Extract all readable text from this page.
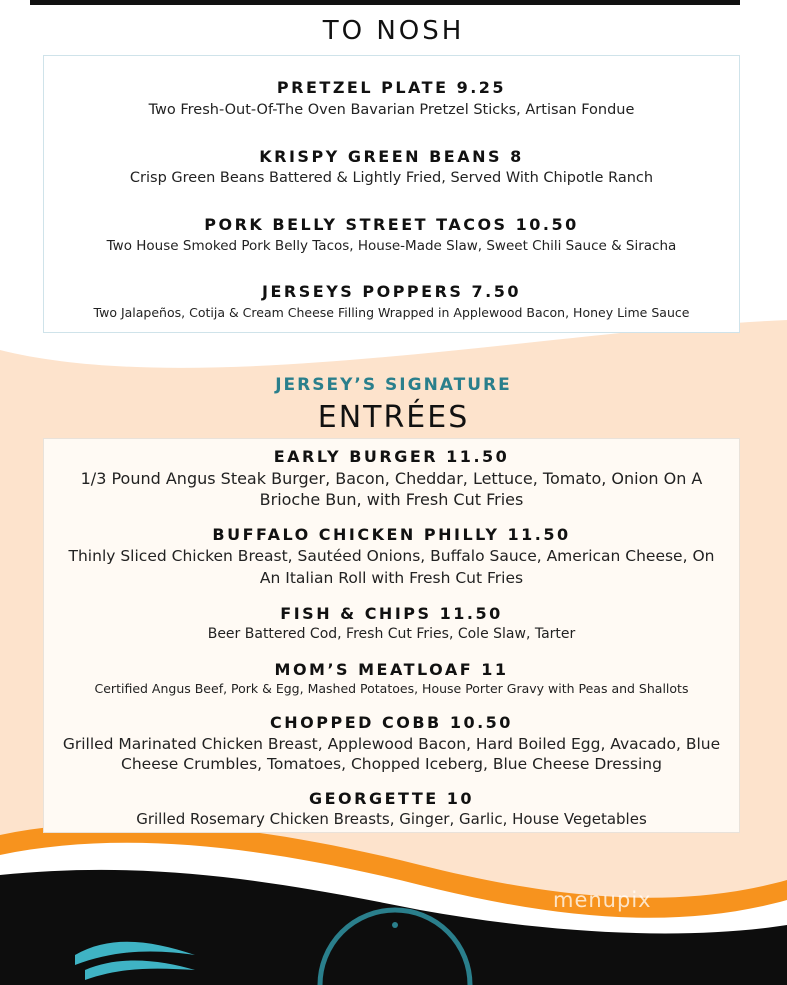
TO NOSH
PRETZEL PLATE 9.25
Two Fresh-Out-Of-The Oven Bavarian Pretzel Sticks, Artisan Fondue
KRISPY GREEN BEANS 8
Crisp Green Beans Battered & Lightly Fried, Served With Chipotle Ranch
PORK BELLY STREET TACOS 10.50
Two House Smoked Pork Belly Tacos, House-Made Slaw, Sweet Chili Sauce & Siracha
JERSEYS POPPERS 7.50
Two Jalapeños, Cotija & Cream Cheese Filling Wrapped in Applewood Bacon, Honey Lime Sauce
JERSEY’S SIGNATURE
ENTRÉES
EARLY BURGER 11.50
1/3 Pound Angus Steak Burger, Bacon, Cheddar, Lettuce, Tomato, Onion On A
Brioche Bun, with Fresh Cut Fries
BUFFALO CHICKEN PHILLY 11.50
Thinly Sliced Chicken Breast, Sautéed Onions, Buffalo Sauce, American Cheese, On
An Italian Roll with Fresh Cut Fries
FISH & CHIPS 11.50
Beer Battered Cod, Fresh Cut Fries, Cole Slaw, Tarter
MOM’S MEATLOAF 11
Certified Angus Beef, Pork & Egg, Mashed Potatoes, House Porter Gravy with Peas and Shallots
CHOPPED COBB 10.50
Grilled Marinated Chicken Breast, Applewood Bacon, Hard Boiled Egg, Avacado, Blue
Cheese Crumbles, Tomatoes, Chopped Iceberg, Blue Cheese Dressing
GEORGETTE 10
Grilled Rosemary Chicken Breasts, Ginger, Garlic, House Vegetables
menupix
